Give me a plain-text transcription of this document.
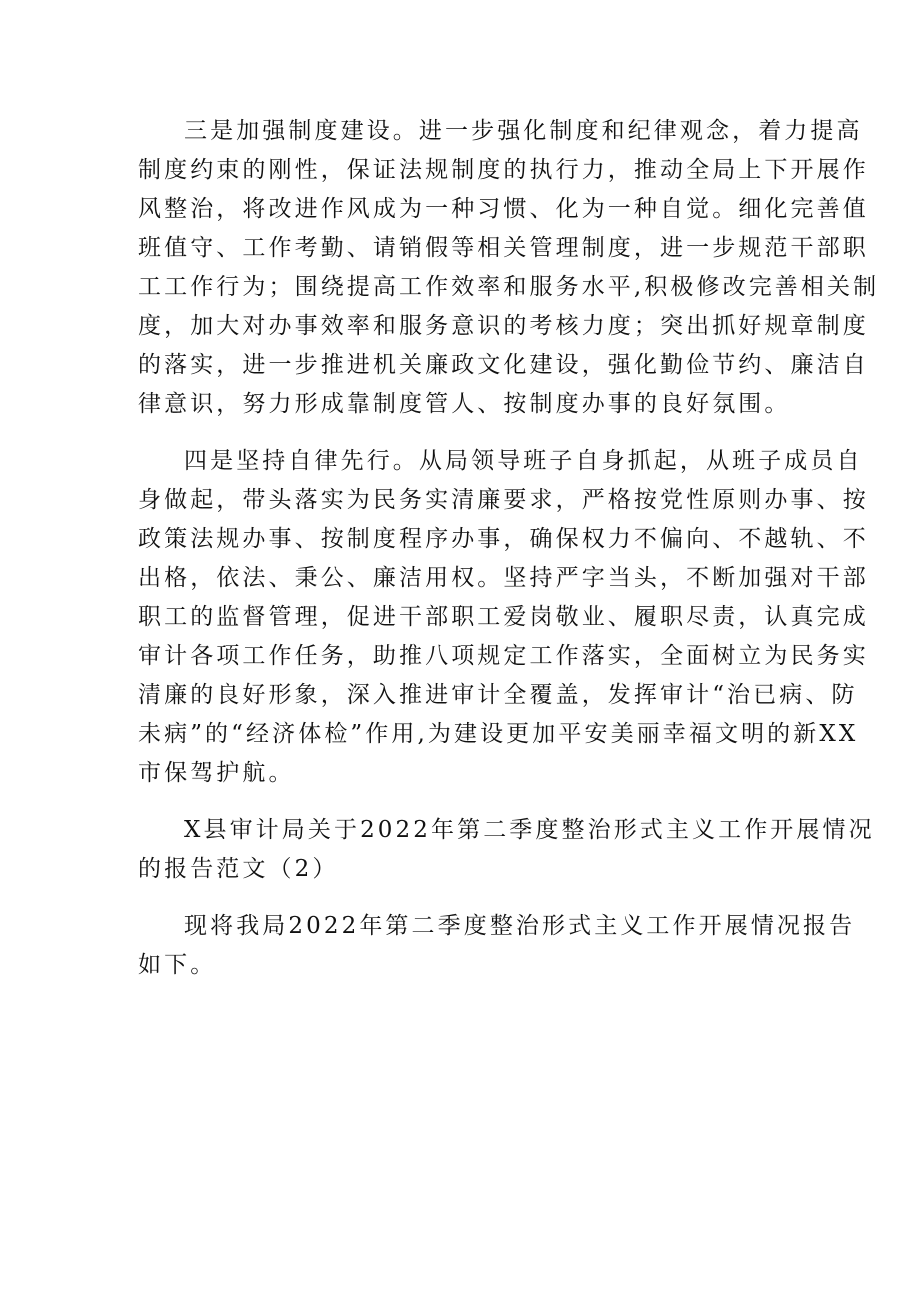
三是加强制度建设。进一步强化制度和纪律观念，着力提高
制度约束的刚性，保证法规制度的执行力，推动全局上下开展作
风整治，将改进作风成为一种习惯、化为一种自觉。细化完善值
班值守、工作考勤、请销假等相关管理制度，进一步规范干部职
工工作行为；围绕提高工作效率和服务水平,积极修改完善相关制
度，加大对办事效率和服务意识的考核力度；突出抓好规章制度
的落实，进一步推进机关廉政文化建设，强化勤俭节约、廉洁自
律意识，努力形成靠制度管人、按制度办事的良好氛围。
四是坚持自律先行。从局领导班子自身抓起，从班子成员自
身做起，带头落实为民务实清廉要求，严格按党性原则办事、按
政策法规办事、按制度程序办事，确保权力不偏向、不越轨、不
出格，依法、秉公、廉洁用权。坚持严字当头，不断加强对干部
职工的监督管理，促进干部职工爱岗敬业、履职尽责，认真完成
审计各项工作任务，助推八项规定工作落实，全面树立为民务实
清廉的良好形象，深入推进审计全覆盖，发挥审计“治已病、防
未病”的“经济体检”作用,为建设更加平安美丽幸福文明的新XX
市保驾护航。
X县审计局关于2022年第二季度整治形式主义工作开展情况
的报告范文（2）
现将我局2022年第二季度整治形式主义工作开展情况报告
如下。
